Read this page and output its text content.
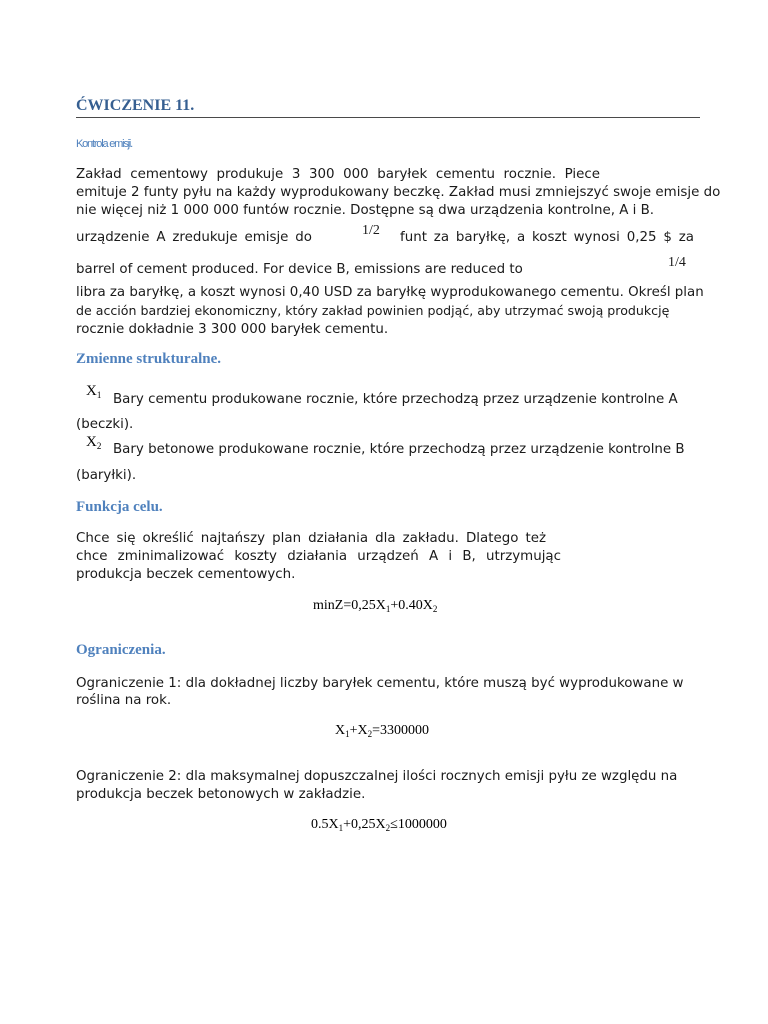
ĆWICZENIE 11.
Kontrola emisji.
Zakład cementowy produkuje 3 300 000 baryłek cementu rocznie. Piece
emituje 2 funty pyłu na każdy wyprodukowany beczkę. Zakład musi zmniejszyć swoje emisje do
nie więcej niż 1 000 000 funtów rocznie. Dostępne są dwa urządzenia kontrolne, A i B.
urządzenie A zredukuje emisje do	1/2 funt za baryłkę, a koszt wynosi 0,25 $ za
barrel of cement produced. For device B, emissions are reduced to	1/4
libra za baryłkę, a koszt wynosi 0,40 USD za baryłkę wyprodukowanego cementu. Określ plan
de acción bardziej ekonomiczny, który zakład powinien podjąć, aby utrzymać swoją produkcję
rocznie dokładnie 3 300 000 baryłek cementu.
Zmienne strukturalne.
$X_1$ Bary cementu produkowane rocznie, które przechodzą przez urządzenie kontrolne A
(beczki).
$X_2$ Bary betonowe produkowane rocznie, które przechodzą przez urządzenie kontrolne B
(baryłki).
Funkcja celu.
Chce się określić najtańszy plan działania dla zakładu. Dlatego też
chce zminimalizować koszty działania urządzeń A i B, utrzymując
produkcja beczek cementowych.
$\min Z=0,25X_1+0.40X_2$
Ograniczenia.
Ograniczenie 1: dla dokładnej liczby baryłek cementu, które muszą być wyprodukowane w
roślina na rok.
$X_1+X_2=3300000$
Ograniczenie 2: dla maksymalnej dopuszczalnej ilości rocznych emisji pyłu ze względu na
produkcja beczek betonowych w zakładzie.
$0.5X_1+0,25X_2\le 1000000$
